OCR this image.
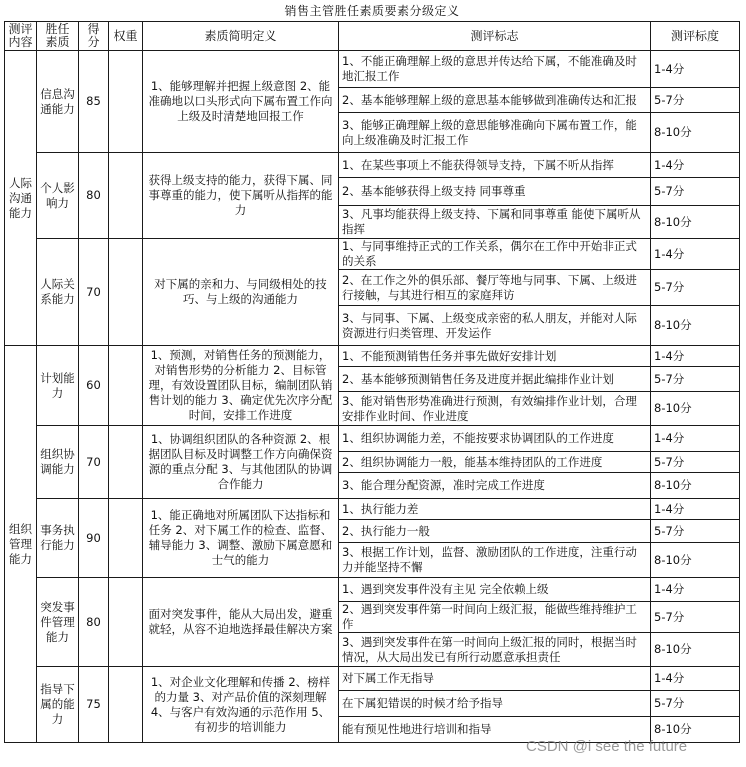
销售主管胜任素质要素分级定义
测评内容	胜任素质	得分	权重	素质简明定义	测评标志	测评标度
人际沟通能力	信息沟通能力	85		1、能够理解并把握上级意图 2、能准确地以口头形式向下属布置工作向上级及时清楚地回报工作	1、不能正确理解上级的意思并传达给下属，不能准确及时地汇报工作	1-4分
					2、基本能够理解上级的意思基本能够做到准确传达和汇报	5-7分
					3、能够正确理解上级的意思能够准确向下属布置工作，能向上级准确及时汇报工作	8-10分
	个人影响力	80		获得上级支持的能力，获得下属、同事尊重的能力，使下属听从指挥的能力	1、在某些事项上不能获得领导支持，下属不听从指挥	1-4分
					2、基本能够获得上级支持 同事尊重	5-7分
					3、凡事均能获得上级支持、下属和同事尊重 能使下属听从指挥	8-10分
	人际关系能力	70		对下属的亲和力、与同级相处的技巧、与上级的沟通能力	1、与同事维持正式的工作关系，偶尔在工作中开始非正式的关系	1-4分
					2、在工作之外的俱乐部、餐厅等地与同事、下属、上级进行接触，与其进行相互的家庭拜访	5-7分
					3、与同事、下属、上级变成亲密的私人朋友，并能对人际资源进行归类管理、开发运作	8-10分
组织管理能力	计划能力	60		1、预测，对销售任务的预测能力，对销售形势的分析能力 2、目标管理，有效设置团队目标，编制团队销售计划的能力 3、确定优先次序分配时间，安排工作进度	1、不能预测销售任务并事先做好安排计划	1-4分
					2、基本能够预测销售任务及进度并据此编排作业计划	5-7分
					3、能对销售形势准确进行预测，有效编排作业计划，合理安排作业时间、作业进度	8-10分
	组织协调能力	70		1、协调组织团队的各种资源 2、根据团队目标及时调整工作方向确保资源的重点分配 3、与其他团队的协调合作能力	1、组织协调能力差，不能按要求协调团队的工作进度	1-4分
					2、组织协调能力一般，能基本维持团队的工作进度	5-7分
					3、能合理分配资源，准时完成工作进度	8-10分
	事务执行能力	90		1、能正确地对所属团队下达指标和任务 2、对下属工作的检查、监督、辅导能力 3、调整、激励下属意愿和士气的能力	1、执行能力差	1-4分
					2、执行能力一般	5-7分
					3、根据工作计划，监督、激励团队的工作进度，注重行动力并能坚持不懈	8-10分
	突发事件管理能力	80		面对突发事件，能从大局出发，避重就轻，从容不迫地选择最佳解决方案	1、遇到突发事件没有主见 完全依赖上级	1-4分
					2、遇到突发事件第一时间向上级汇报，能做些维持维护工作	5-7分
					3、遇到突发事件在第一时间向上级汇报的同时，根据当时情况，从大局出发已有所行动愿意承担责任	8-10分
	指导下属的能力	75		1、对企业文化理解和传播 2、榜样的力量 3、对产品价值的深刻理解 4、与客户有效沟通的示范作用 5、有初步的培训能力	对下属工作无指导	1-4分
					在下属犯错误的时候才给予指导	5-7分
					能有预见性地进行培训和指导	8-10分
CSDN @i see the future
